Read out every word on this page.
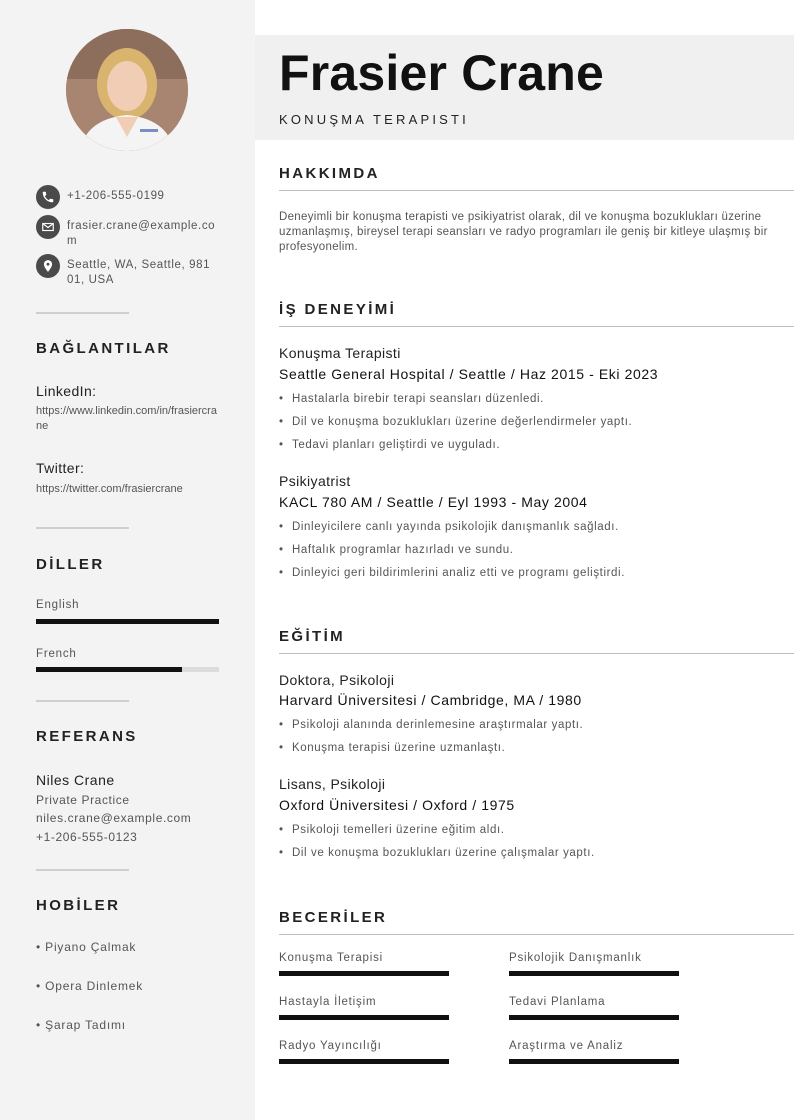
+1-206-555-0199
frasier.crane@example.com
Seattle, WA, Seattle, 98101, USA
BAĞLANTILAR
LinkedIn:
https://www.linkedin.com/in/frasiercrane
Twitter:
https://twitter.com/frasiercrane
DİLLER
English
French
REFERANS
Niles Crane
Private Practice
niles.crane@example.com
+1-206-555-0123
HOBİLER
• Piyano Çalmak
• Opera Dinlemek
• Şarap Tadımı
Frasier Crane
KONUŞMA TERAPISTI
HAKKIMDA
Deneyimli bir konuşma terapisti ve psikiyatrist olarak, dil ve konuşma bozuklukları üzerine uzmanlaşmış, bireysel terapi seansları ve radyo programları ile geniş bir kitleye ulaşmış bir profesyonelim.
İŞ DENEYİMİ
Konuşma Terapisti
Seattle General Hospital / Seattle / Haz 2015 - Eki 2023
• Hastalarla birebir terapi seansları düzenledi.
• Dil ve konuşma bozuklukları üzerine değerlendirmeler yaptı.
• Tedavi planları geliştirdi ve uyguladı.
Psikiyatrist
KACL 780 AM / Seattle / Eyl 1993 - May 2004
• Dinleyicilere canlı yayında psikolojik danışmanlık sağladı.
• Haftalık programlar hazırladı ve sundu.
• Dinleyici geri bildirimlerini analiz etti ve programı geliştirdi.
EĞİTİM
Doktora, Psikoloji
Harvard Üniversitesi / Cambridge, MA / 1980
• Psikoloji alanında derinlemesine araştırmalar yaptı.
• Konuşma terapisi üzerine uzmanlaştı.
Lisans, Psikoloji
Oxford Üniversitesi / Oxford / 1975
• Psikoloji temelleri üzerine eğitim aldı.
• Dil ve konuşma bozuklukları üzerine çalışmalar yaptı.
BECERİLER
Konuşma Terapisi	Psikolojik Danışmanlık
Hastayla İletişim	Tedavi Planlama
Radyo Yayıncılığı	Araştırma ve Analiz
